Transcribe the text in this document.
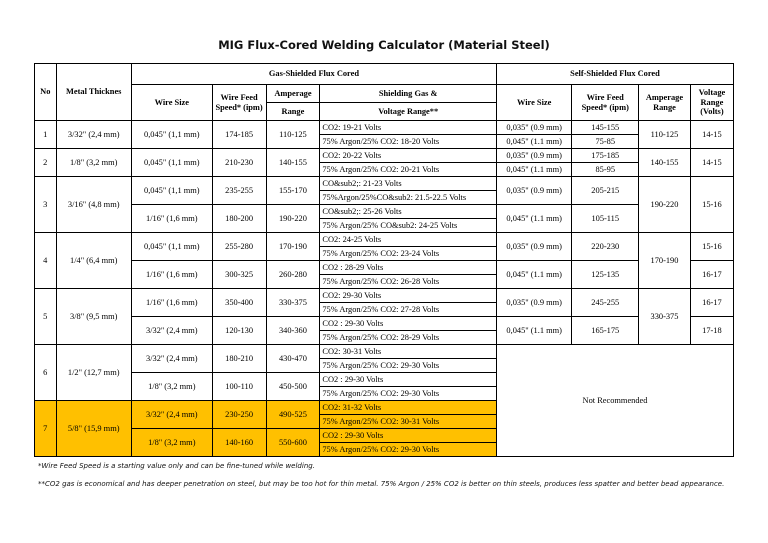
MIG Flux-Cored Welding Calculator (Material Steel)
No	Metal Thicknes	Gas-Shielded Flux Cored				Self-Shielded Flux Cored			
		Wire Size	Wire Feed Speed* (ipm)	Amperage	Shielding Gas &	Wire Size	Wire Feed Speed* (ipm)	Amperage Range	Voltage Range (Volts)
				Range	Voltage Range**				
1	3/32" (2,4 mm)	0,045" (1,1 mm)	174-185	110-125	CO2: 19-21 Volts	0,035" (0.9 mm)	145-155	110-125	14-15
					75% Argon/25% CO2: 18-20 Volts	0,045" (1.1 mm)	75-85		
2	1/8" (3,2 mm)	0,045" (1,1 mm)	210-230	140-155	CO2: 20-22 Volts	0,035" (0.9 mm)	175-185	140-155	14-15
					75% Argon/25% CO2: 20-21 Volts	0,045" (1.1 mm)	85-95		
3	3/16" (4,8 mm)	0,045" (1,1 mm)	235-255	155-170	CO&sub2;: 21-23 Volts	0,035" (0.9 mm)	205-215	190-220	15-16
					75%Argon/25%CO&sub2: 21.5-22.5 Volts				
		1/16" (1,6 mm)	180-200	190-220	CO&sub2;: 25-26 Volts	0,045" (1.1 mm)	105-115		
					75% Argon/25% CO&sub2: 24-25 Volts				
4	1/4" (6,4 mm)	0,045" (1,1 mm)	255-280	170-190	CO2: 24-25 Volts	0,035" (0.9 mm)	220-230	170-190	15-16
					75% Argon/25% CO2: 23-24 Volts				
		1/16" (1,6 mm)	300-325	260-280	CO2 : 28-29 Volts	0,045" (1.1 mm)	125-135		16-17
					75% Argon/25% CO2: 26-28 Volts				
5	3/8" (9,5 mm)	1/16" (1,6 mm)	350-400	330-375	CO2: 29-30 Volts	0,035" (0.9 mm)	245-255	330-375	16-17
					75% Argon/25% CO2: 27-28 Volts				
		3/32" (2,4 mm)	120-130	340-360	CO2 : 29-30 Volts	0,045" (1.1 mm)	165-175		17-18
					75% Argon/25% CO2: 28-29 Volts				
6	1/2" (12,7 mm)	3/32" (2,4 mm)	180-210	430-470	CO2: 30-31 Volts	Not Recommended			
					75% Argon/25% CO2: 29-30 Volts				
		1/8" (3,2 mm)	100-110	450-500	CO2 : 29-30 Volts				
					75% Argon/25% CO2: 29-30 Volts				
7	5/8" (15,9 mm)	3/32" (2,4 mm)	230-250	490-525	CO2: 31-32 Volts				
					75% Argon/25% CO2: 30-31 Volts				
		1/8" (3,2 mm)	140-160	550-600	CO2 : 29-30 Volts				
					75% Argon/25% CO2: 29-30 Volts				
*Wire Feed Speed is a starting value only and can be fine-tuned while welding.
**CO2 gas is economical and has deeper penetration on steel, but may be too hot for thin metal. 75% Argon / 25% CO2 is better on thin steels, produces less spatter and better bead appearance.
